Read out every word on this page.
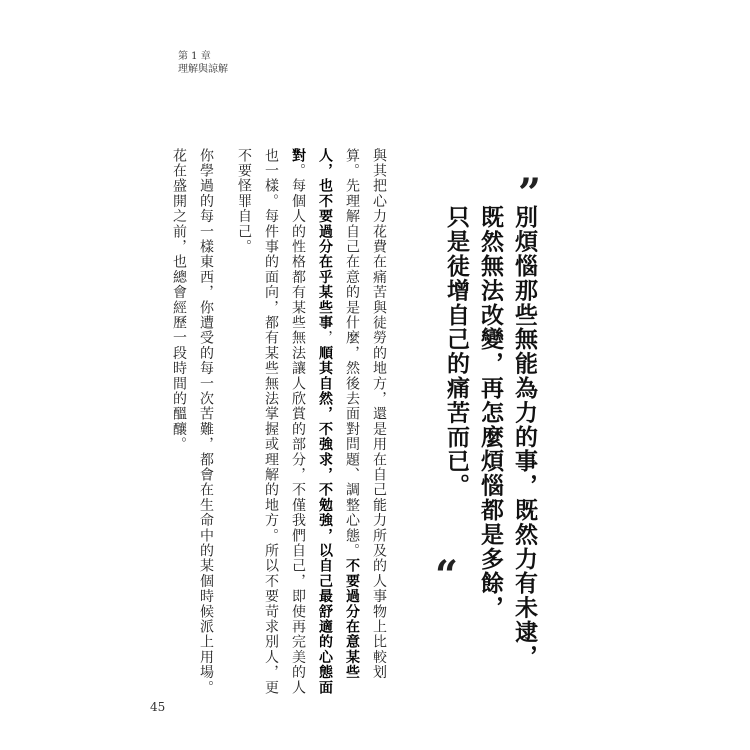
第 1 章
理解與諒解
”
別煩惱那些無能為力的事，既然力有未逮，
既然無法改變，再怎麼煩惱都是多餘，
只是徒增自己的痛苦而已。
“
與其把心力花費在痛苦與徒勞的地方，還是用在自己能力所及的人事物上比較划
算。先理解自己在意的是什麼，然後去面對問題、調整心態。不要過分在意某些
人，也不要過分在乎某些事，順其自然，不強求，不勉強，以自己最舒適的心態面
對。每個人的性格都有某些無法讓人欣賞的部分，不僅我們自己，即使再完美的人
也一樣。每件事的面向，都有某些無法掌握或理解的地方。所以不要苛求別人，更
不要怪罪自己。
你學過的每一樣東西，你遭受的每一次苦難，都會在生命中的某個時候派上用場。
花在盛開之前，也總會經歷一段時間的醞釀。
45
